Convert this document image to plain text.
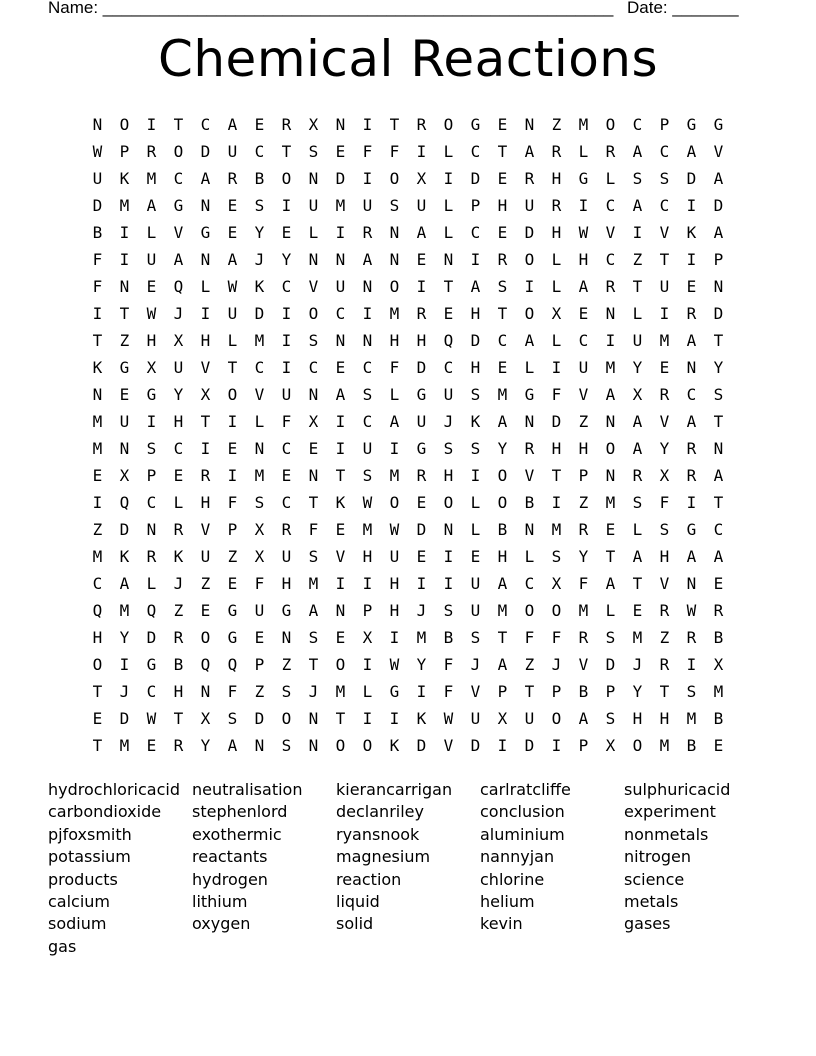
Name: ______________________________________________________ Date: _______
Chemical Reactions
N	O	I	T	C	A	E	R	X	N	I	T	R	O	G	E	N	Z	M	O	C	P	G	G
W	P	R	O	D	U	C	T	S	E	F	F	I	L	C	T	A	R	L	R	A	C	A	V
U	K	M	C	A	R	B	O	N	D	I	O	X	I	D	E	R	H	G	L	S	S	D	A
D	M	A	G	N	E	S	I	U	M	U	S	U	L	P	H	U	R	I	C	A	C	I	D
B	I	L	V	G	E	Y	E	L	I	R	N	A	L	C	E	D	H	W	V	I	V	K	A
F	I	U	A	N	A	J	Y	N	N	A	N	E	N	I	R	O	L	H	C	Z	T	I	P
F	N	E	Q	L	W	K	C	V	U	N	O	I	T	A	S	I	L	A	R	T	U	E	N
I	T	W	J	I	U	D	I	O	C	I	M	R	E	H	T	O	X	E	N	L	I	R	D
T	Z	H	X	H	L	M	I	S	N	N	H	H	Q	D	C	A	L	C	I	U	M	A	T
K	G	X	U	V	T	C	I	C	E	C	F	D	C	H	E	L	I	U	M	Y	E	N	Y
N	E	G	Y	X	O	V	U	N	A	S	L	G	U	S	M	G	F	V	A	X	R	C	S
M	U	I	H	T	I	L	F	X	I	C	A	U	J	K	A	N	D	Z	N	A	V	A	T
M	N	S	C	I	E	N	C	E	I	U	I	G	S	S	Y	R	H	H	O	A	Y	R	N
E	X	P	E	R	I	M	E	N	T	S	M	R	H	I	O	V	T	P	N	R	X	R	A
I	Q	C	L	H	F	S	C	T	K	W	O	E	O	L	O	B	I	Z	M	S	F	I	T
Z	D	N	R	V	P	X	R	F	E	M	W	D	N	L	B	N	M	R	E	L	S	G	C
M	K	R	K	U	Z	X	U	S	V	H	U	E	I	E	H	L	S	Y	T	A	H	A	A
C	A	L	J	Z	E	F	H	M	I	I	H	I	I	U	A	C	X	F	A	T	V	N	E
Q	M	Q	Z	E	G	U	G	A	N	P	H	J	S	U	M	O	O	M	L	E	R	W	R
H	Y	D	R	O	G	E	N	S	E	X	I	M	B	S	T	F	F	R	S	M	Z	R	B
O	I	G	B	Q	Q	P	Z	T	O	I	W	Y	F	J	A	Z	J	V	D	J	R	I	X
T	J	C	H	N	F	Z	S	J	M	L	G	I	F	V	P	T	P	B	P	Y	T	S	M
E	D	W	T	X	S	D	O	N	T	I	I	K	W	U	X	U	O	A	S	H	H	M	B
T	M	E	R	Y	A	N	S	N	O	O	K	D	V	D	I	D	I	P	X	O	M	B	E
hydrochloricacid
carbondioxide
pjfoxsmith
potassium
products
calcium
sodium
gas
neutralisation
stephenlord
exothermic
reactants
hydrogen
lithium
oxygen
kierancarrigan
declanriley
ryansnook
magnesium
reaction
liquid
solid
carlratcliffe
conclusion
aluminium
nannyjan
chlorine
helium
kevin
sulphuricacid
experiment
nonmetals
nitrogen
science
metals
gases
